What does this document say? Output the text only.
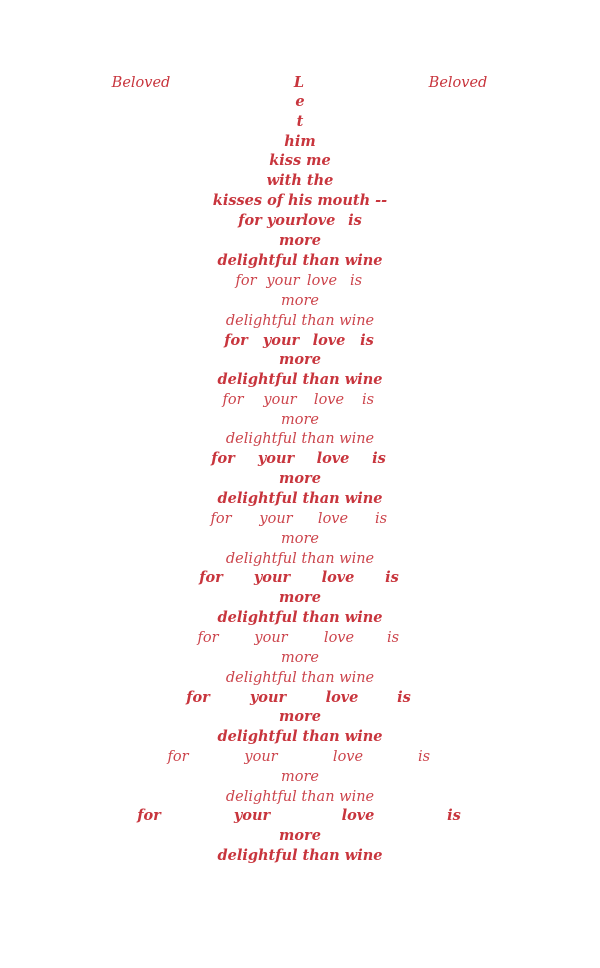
Beloved	L	Beloved
e
t
him
kiss me
with the
kisses of his mouth --
for your love is
more
delightful than wine
for your love is
more
delightful than wine
for your love is
more
delightful than wine
for your love is
more
delightful than wine
for your love is
more
delightful than wine
for your love is
more
delightful than wine
for your love is
more
delightful than wine
for your	love is
more
delightful than wine
for	your	love	is
more
delightful than wine
for	your	love	is
more
delightful than wine
for	your	love	is
more
delightful than wine
